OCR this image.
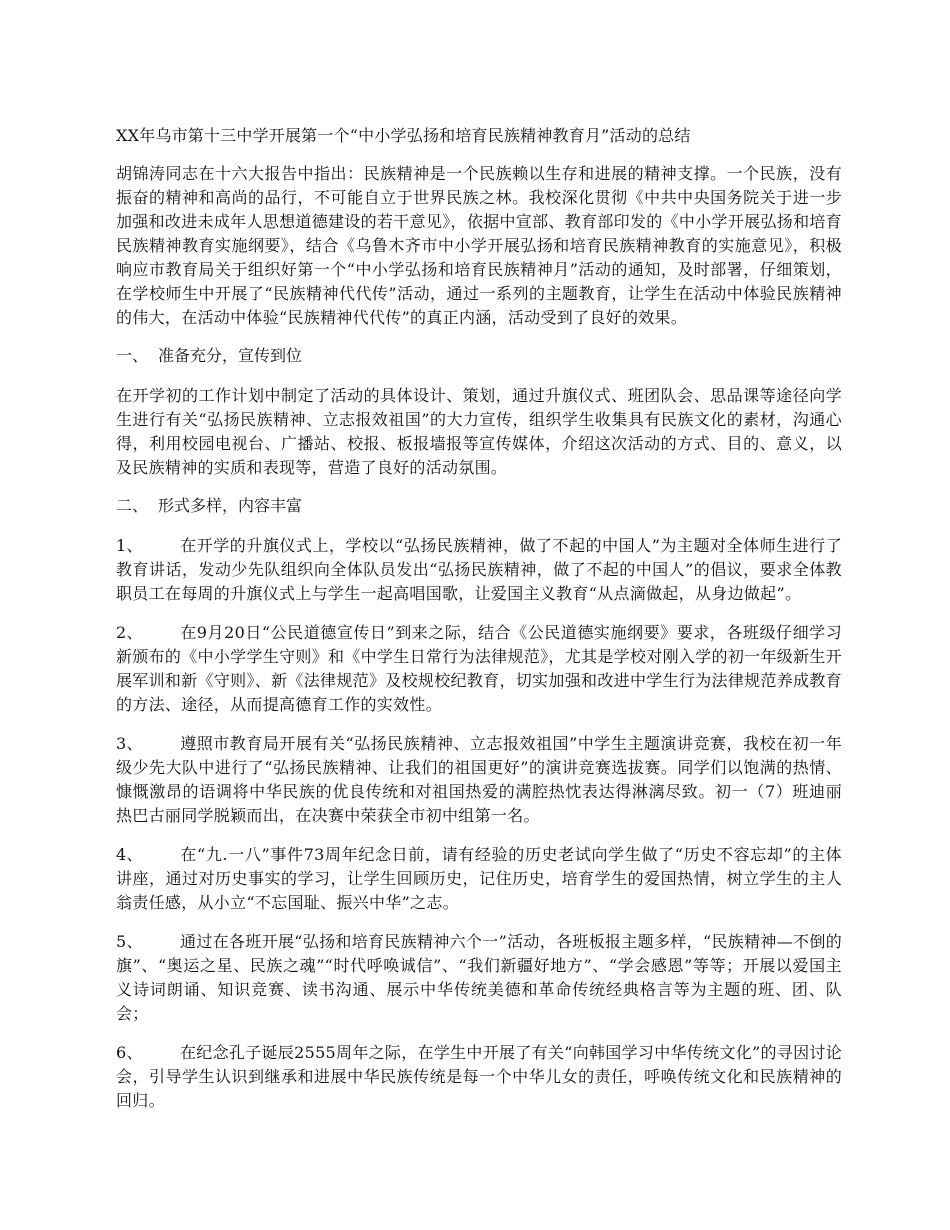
XX年乌市第十三中学开展第一个“中小学弘扬和培育民族精神教育月”活动的总结

胡锦涛同志在十六大报告中指出：民族精神是一个民族赖以生存和进展的精神支撑。一个民族，没有振奋的精神和高尚的品行，不可能自立于世界民族之林。我校深化贯彻《中共中央国务院关于进一步加强和改进未成年人思想道德建设的若干意见》，依据中宣部、教育部印发的《中小学开展弘扬和培育民族精神教育实施纲要》，结合《乌鲁木齐市中小学开展弘扬和培育民族精神教育的实施意见》，积极响应市教育局关于组织好第一个“中小学弘扬和培育民族精神月”活动的通知，及时部署，仔细策划，在学校师生中开展了“民族精神代代传”活动，通过一系列的主题教育，让学生在活动中体验民族精神的伟大，在活动中体验“民族精神代代传”的真正内涵，活动受到了良好的效果。

一、 准备充分，宣传到位

在开学初的工作计划中制定了活动的具体设计、策划，通过升旗仪式、班团队会、思品课等途径向学生进行有关“弘扬民族精神、立志报效祖国”的大力宣传，组织学生收集具有民族文化的素材，沟通心得，利用校园电视台、广播站、校报、板报墙报等宣传媒体，介绍这次活动的方式、目的、意义，以及民族精神的实质和表现等，营造了良好的活动氛围。

二、 形式多样，内容丰富

1、 在开学的升旗仪式上，学校以“弘扬民族精神，做了不起的中国人”为主题对全体师生进行了教育讲话，发动少先队组织向全体队员发出“弘扬民族精神，做了不起的中国人”的倡议，要求全体教职员工在每周的升旗仪式上与学生一起高唱国歌，让爱国主义教育“从点滴做起，从身边做起”。

2、 在9月20日“公民道德宣传日”到来之际，结合《公民道德实施纲要》要求，各班级仔细学习新颁布的《中小学学生守则》和《中学生日常行为法律规范》，尤其是学校对刚入学的初一年级新生开展军训和新《守则》、新《法律规范》及校规校纪教育，切实加强和改进中学生行为法律规范养成教育的方法、途径，从而提高德育工作的实效性。

3、 遵照市教育局开展有关“弘扬民族精神、立志报效祖国”中学生主题演讲竞赛，我校在初一年级少先大队中进行了“弘扬民族精神、让我们的祖国更好”的演讲竞赛选拔赛。同学们以饱满的热情、慷慨激昂的语调将中华民族的优良传统和对祖国热爱的满腔热忱表达得淋漓尽致。初一（7）班迪丽热巴古丽同学脱颖而出，在决赛中荣获全市初中组第一名。

4、 在“九.一八”事件73周年纪念日前，请有经验的历史老试向学生做了“历史不容忘却”的主体讲座，通过对历史事实的学习，让学生回顾历史，记住历史，培育学生的爱国热情，树立学生的主人翁责任感，从小立“不忘国耻、振兴中华”之志。

5、 通过在各班开展“弘扬和培育民族精神六个一”活动，各班板报主题多样，“民族精神—不倒的旗”、“奥运之星、民族之魂”“时代呼唤诚信”、“我们新疆好地方”、“学会感恩”等等；开展以爱国主义诗词朗诵、知识竞赛、读书沟通、展示中华传统美德和革命传统经典格言等为主题的班、团、队会；

6、 在纪念孔子诞辰2555周年之际，在学生中开展了有关“向韩国学习中华传统文化”的寻因讨论会，引导学生认识到继承和进展中华民族传统是每一个中华儿女的责任，呼唤传统文化和民族精神的回归。
